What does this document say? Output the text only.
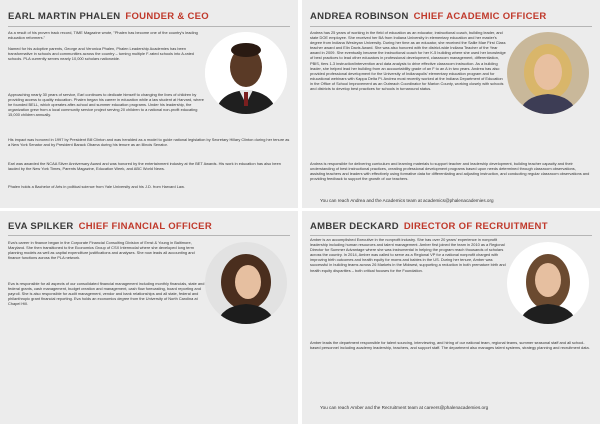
EARL MARTIN PHALEN FOUNDER & CEO

As a result of his proven track record, TIME Magazine wrote, "Phalen has become one of the country's leading education reformers."

Named for his adoptive parents, George and Veronica Phalen, Phalen Leadership Academies has been transformative in schools and communities across the country – turning multiple F-rated schools into A-rated schools. PLA currently serves nearly 10,000 scholars nationwide.

Approaching nearly 30 years of service, Earl continues to dedicate himself to changing the lives of children by providing access to quality education. Phalen began his career in education while a law student at Harvard, where he founded BELL, which operates after-school and summer education programs. Under his leadership, the organization grew from a local community service project serving 20 children to a national non-profit educating 15,000 children annually.

His impact was honored in 1997 by President Bill Clinton and was heralded as a model to guide national legislation by Secretary Hillary Clinton during her tenure as a New York Senator and by President Barack Obama during his tenure as an Illinois Senator.

Earl was awarded the NCAA Silver Anniversary Award and was honored by the entertainment industry at the BET Awards. His work in education has also been lauded by the New York Times, Parents Magazine, Education Week, and ABC World News.

Phalen holds a Bachelor of Arts in political science from Yale University and his J.D. from Harvard Law.

ANDREA ROBINSON CHIEF ACADEMIC OFFICER

Andrea has 25 years of working in the field of education as an educator, instructional coach, building leader, and state DOE employee. She received her BA from Indiana University in elementary education and her master's degree from Indiana Wesleyan University. During her time as an educator, she received the Sallie Mae First Class teacher award and Elin Davis Award. She was also honored with the district-wide Indiana Teacher of the Year award in 2009. She eventually became the instructional coach for her K-5 building where she used her knowledge of best practices to lead other educators in professional development, classroom management, differentiation, PBIS, tiers 1-3 instruction/intervention and data analysis to drive effective classroom instruction. As a building leader, she helped lead her building from an accountability grade of an F to an A in two years. Andrea has also provided professional development for the University of Indianapolis' elementary education program and for educational webinars with Kappa Delta Pi. Andrea most recently worked at the Indiana Department of Education in the Office of School Improvement as an Outreach Coordinator for Marion County, working closely with schools and districts to develop best practices for schools in turnaround status.

Andrea is responsible for delivering curriculum and learning materials to support teacher and leadership development, building teacher capacity and their understanding of best instructional practices, creating professional development programs based upon needs determined through classroom observations, assisting teachers and leaders with effectively using formative data for differentiating and adjusting instruction, and conducting regular classroom observations and providing feedback to support the growth of our teachers.

You can reach Andrea and the Academics team at academics@phalenacademies.org
EVA SPILKER CHIEF FINANCIAL OFFICER

Eva's career in finance began in the Corporate Financial Consulting Division of Ernst & Young in Baltimore, Maryland. She then transitioned to the Economics Group of CSX Intermodal where she developed long term planning models as well as capital expenditure justifications and analyses. She now leads all accounting and finance functions across the PLA network.

Eva is responsible for all aspects of our consolidated financial management including monthly financials, state and federal grants, cash management, budget creation and management, cash flow forecasting, board reporting and payroll. She is also responsible for audit management, vendor and bank relationships and all state, federal and philanthropic grant financial reporting. Eva holds an economics degree from the University of North Carolina at Chapel Hill.

AMBER DECKARD DIRECTOR OF RECRUITMENT

Amber is an accomplished Executive in the nonprofit industry. She has over 20 years' experience in nonprofit leadership including human resources and talent management. Amber first joined the team in 2010 as a Regional Director for Summer Advantage where she was instrumental in helping the program reach thousands of scholars across the country. In 2014, Amber was called to serve as a Regional VP for a national nonprofit charged with improving birth outcomes and health equity for moms and babies in the US. During her tenure, Amber was successful in building teams across 26 Markets in the Midwest, supporting a reduction in both premature birth and health equity disparities – both critical focuses for the Foundation.

Amber leads the department responsible for talent sourcing, interviewing, and hiring of our national team, regional teams, summer seasonal staff and all school-based personnel including academy leadership, teachers, and support staff. The department also manages talent systems, strategy planning and recruitment data.

You can reach Amber and the Recruitment team at careers@phalenacademies.org
